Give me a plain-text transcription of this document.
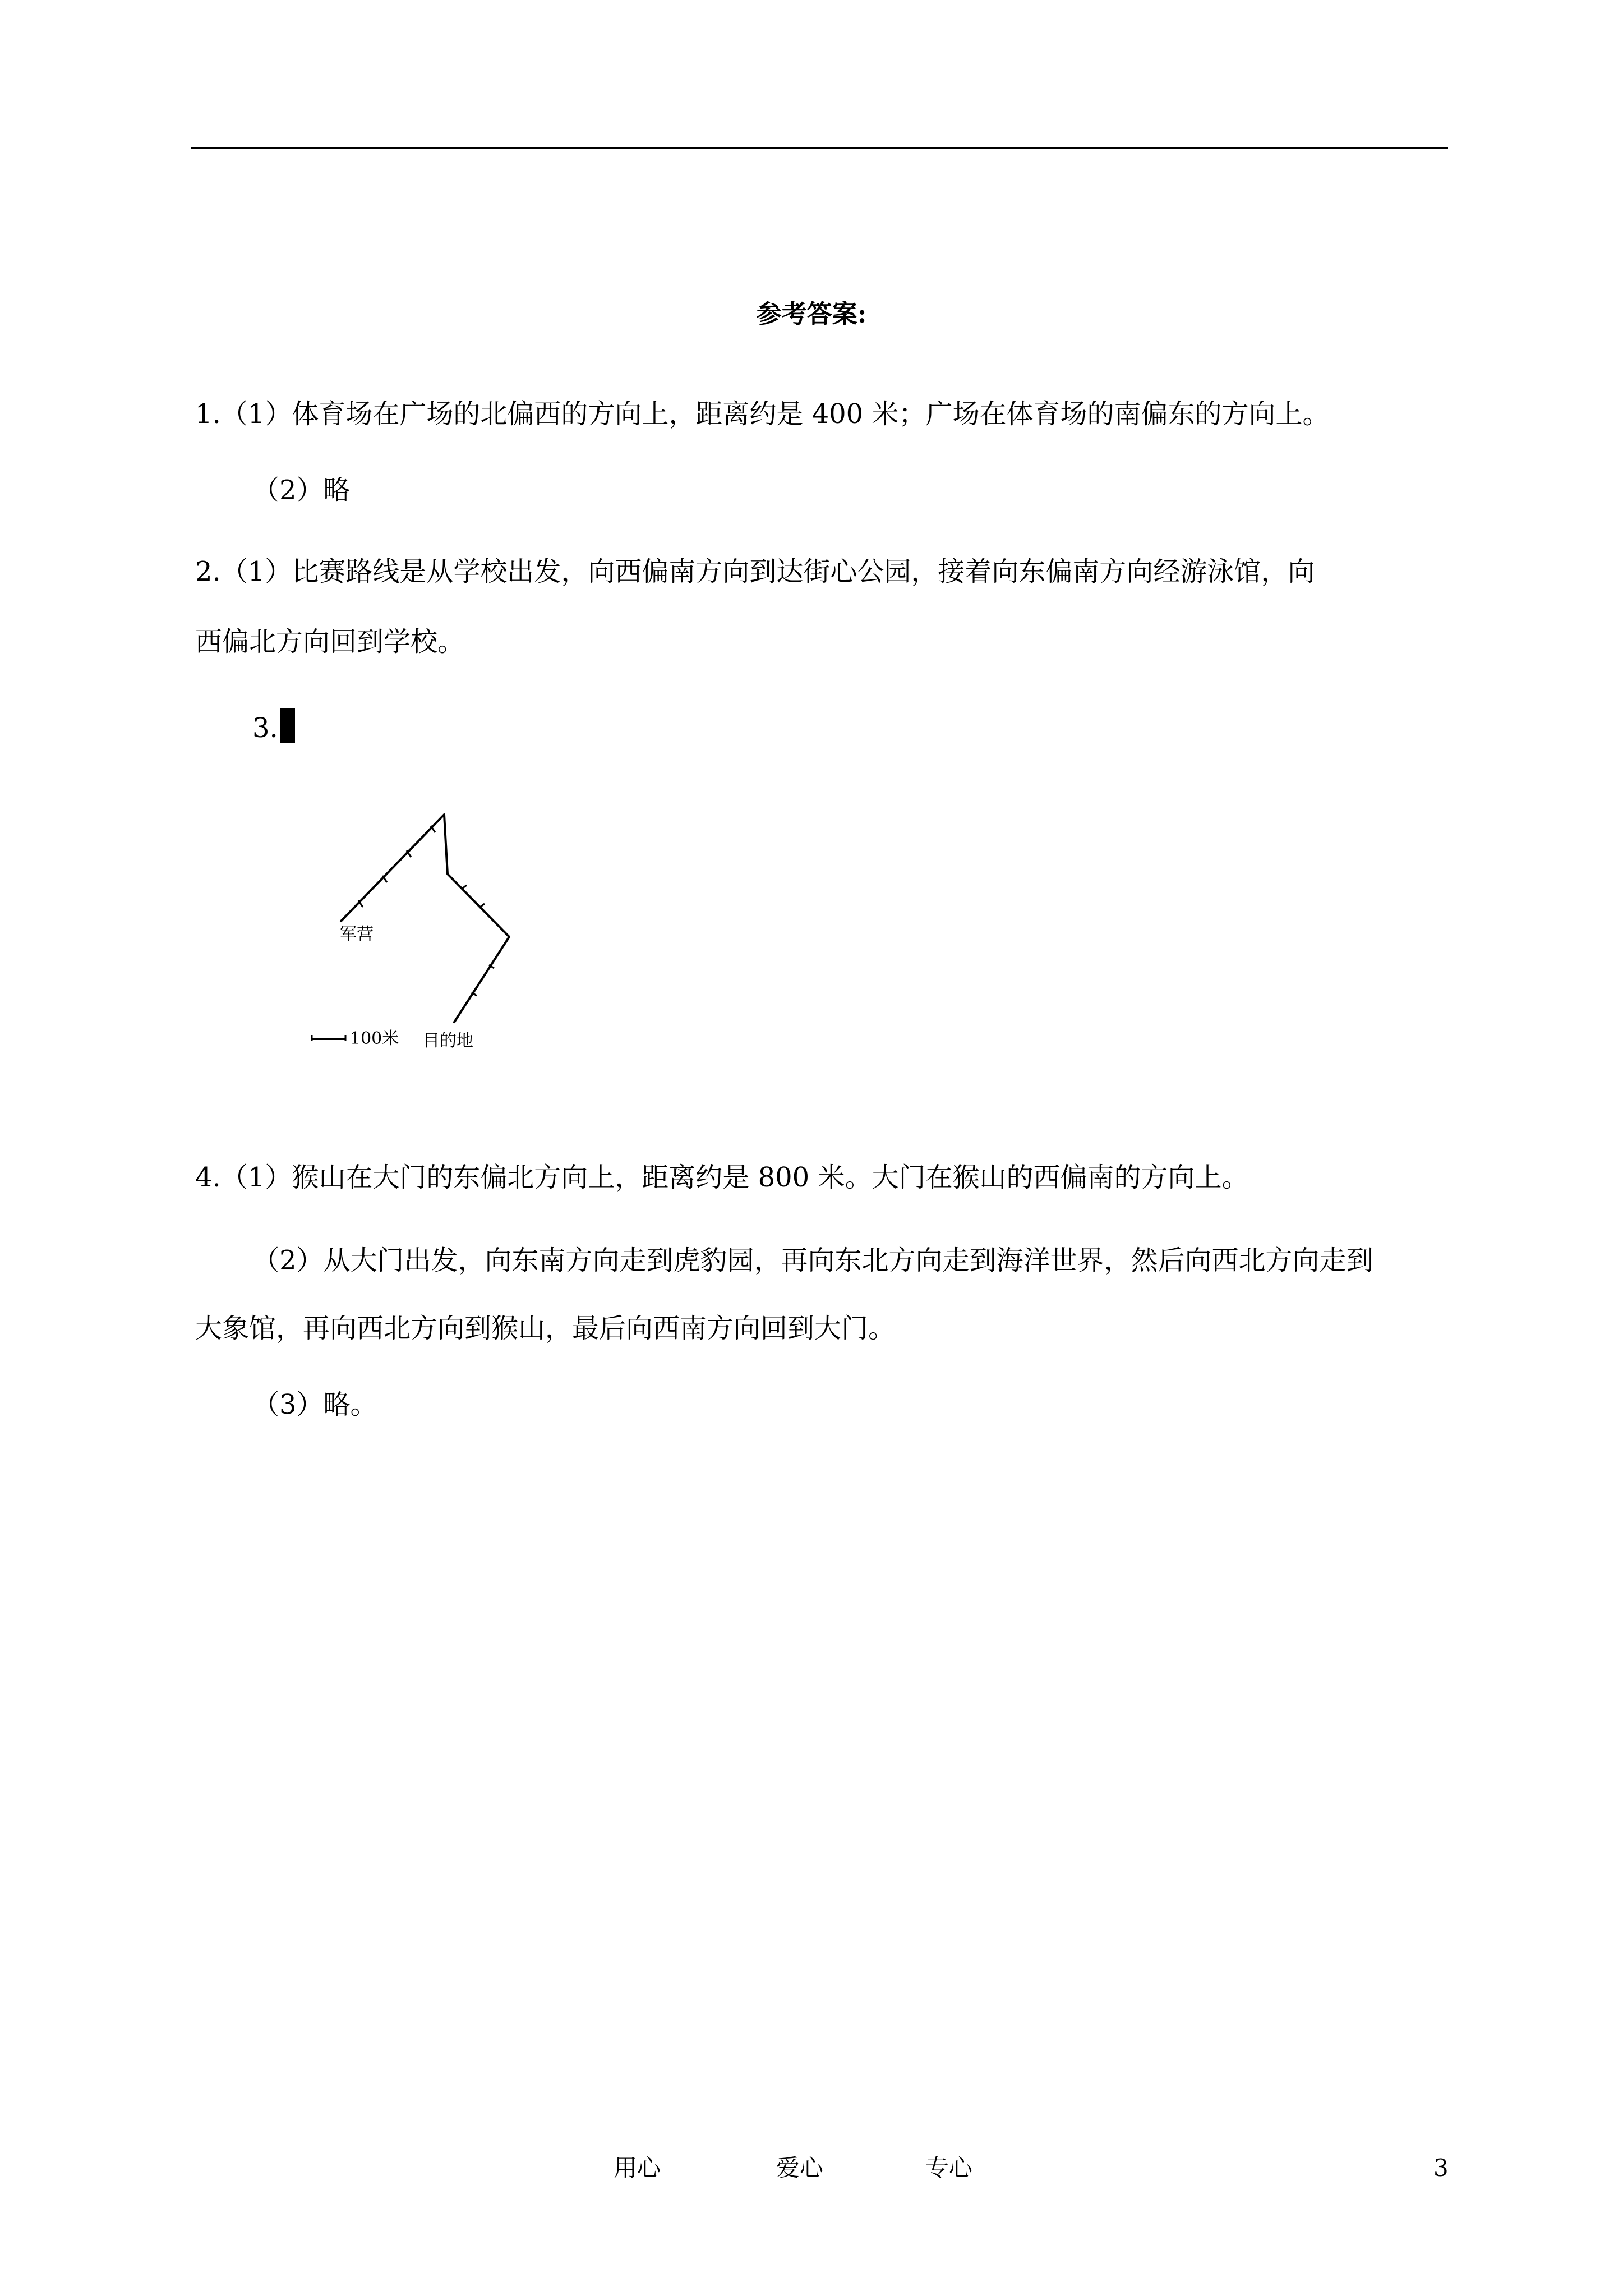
参考答案:
1.（1）体育场在广场的北偏西的方向上，距离约是 400 米；广场在体育场的南偏东的方向上。
（2）略
2.（1）比赛路线是从学校出发，向西偏南方向到达街心公园，接着向东偏南方向经游泳馆，向
西偏北方向回到学校。
3.
军营
100米 目的地
4.（1）猴山在大门的东偏北方向上，距离约是 800 米。大门在猴山的西偏南的方向上。
（2）从大门出发，向东南方向走到虎豹园，再向东北方向走到海洋世界，然后向西北方向走到
大象馆，再向西北方向到猴山，最后向西南方向回到大门。
（3）略。
用心	爱心	专心	3
